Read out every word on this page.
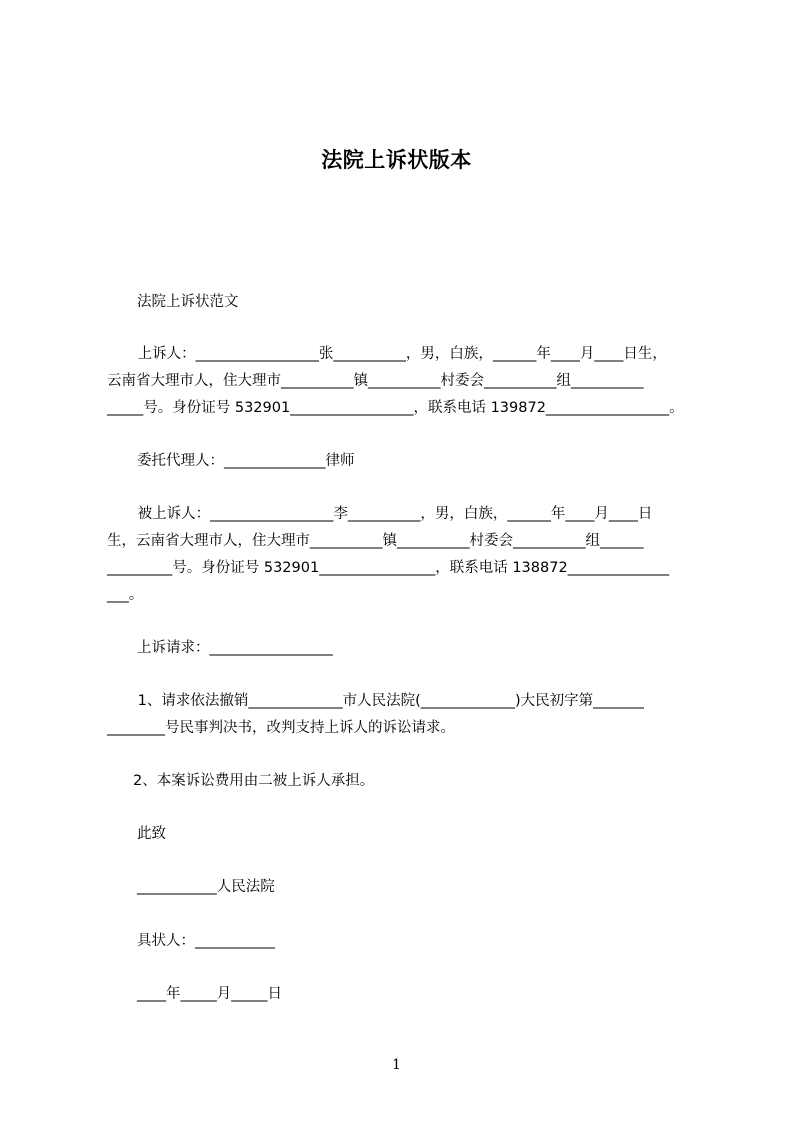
法院上诉状版本
法院上诉状范文
上诉人：_________________张__________，男，白族，______年____月____日生，
云南省大理市人，住大理市__________镇__________村委会__________组__________
_____号。身份证号 532901_________________，联系电话 139872_________________。
委托代理人：______________律师
被上诉人：_________________李__________，男，白族，______年____月____日
生，云南省大理市人，住大理市__________镇__________村委会__________组______
_________号。身份证号 532901________________，联系电话 138872______________
___。
上诉请求：_________________
1、请求依法撤销_____________市人民法院(_____________)大民初字第_______
________号民事判决书，改判支持上诉人的诉讼请求。
2、本案诉讼费用由二被上诉人承担。
此致
___________人民法院
具状人：___________
____年_____月_____日
1
